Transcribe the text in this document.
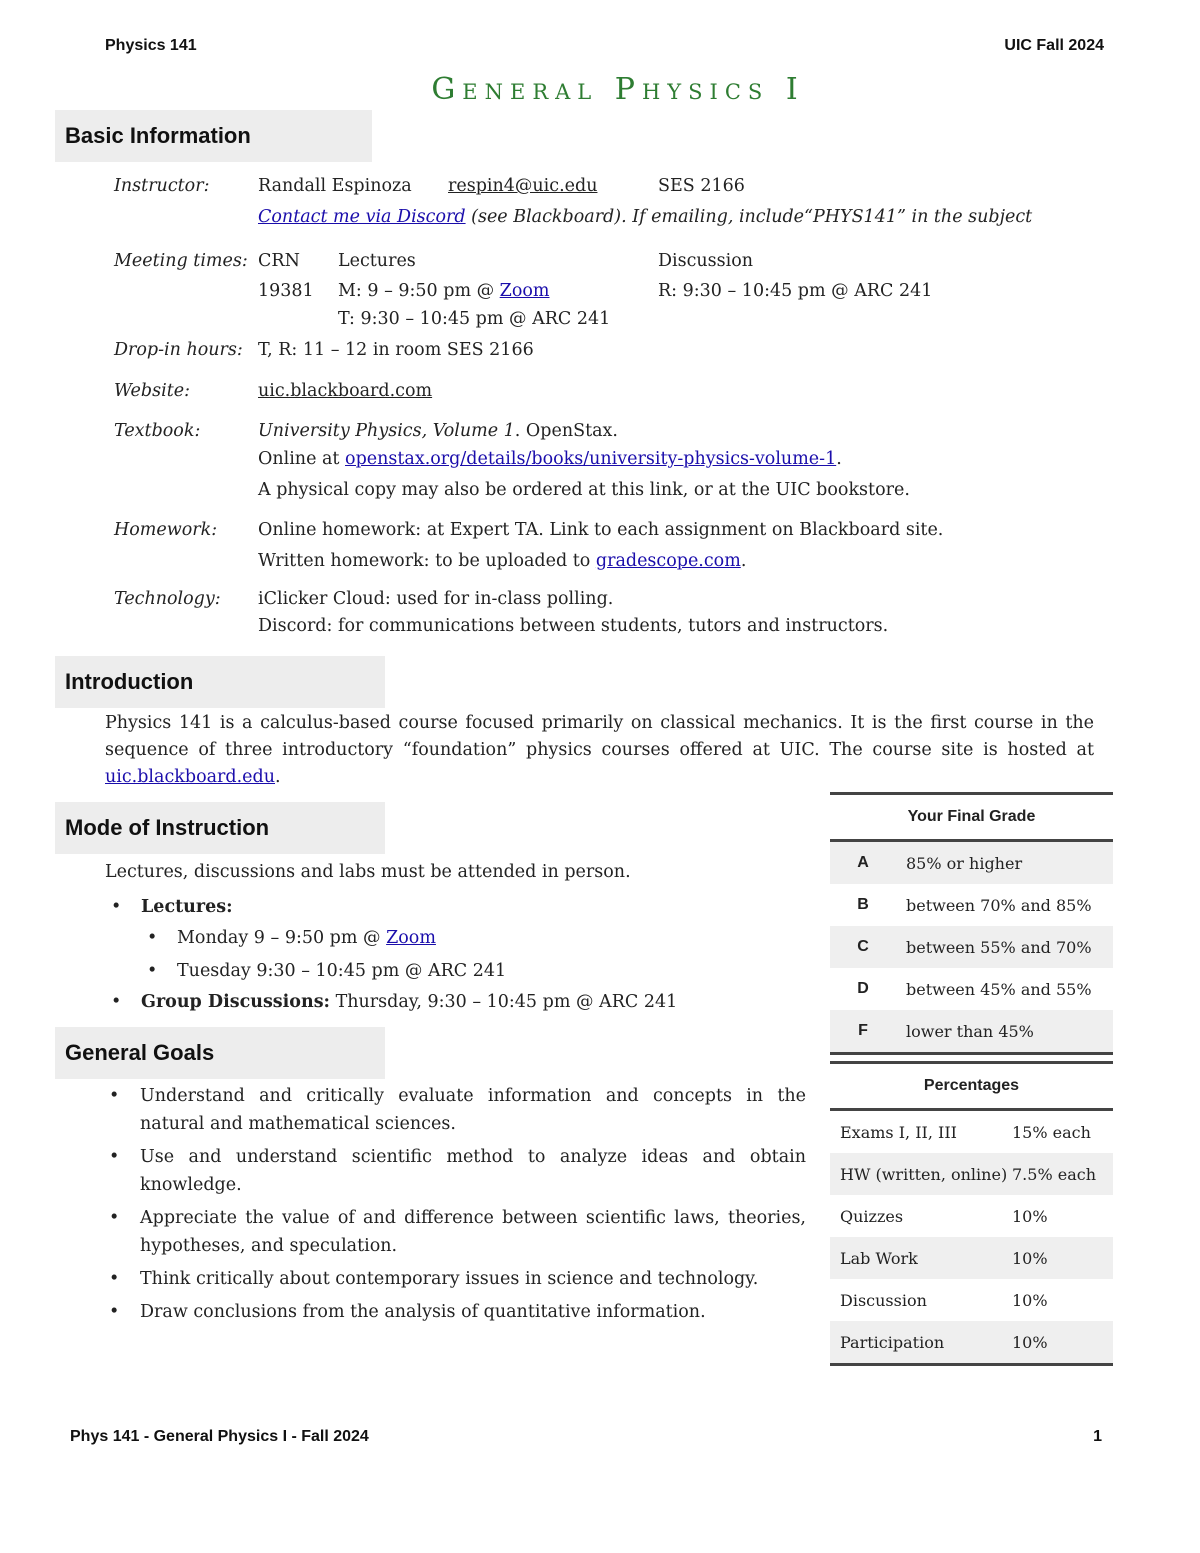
Physics 141	UIC Fall 2024
General Physics I
Basic Information
Instructor:	Randall Espinoza respin4@uic.edu	SES 2166
Contact me via Discord (see Blackboard). If emailing, include“PHYS141” in the subject
Meeting times: CRN Lectures	Discussion
19381 M: 9 – 9:50 pm @ Zoom	R: 9:30 – 10:45 pm @ ARC 241
T: 9:30 – 10:45 pm @ ARC 241
Drop-in hours: T, R: 11 – 12 in room SES 2166
Website:	uic.blackboard.com
Textbook:	University Physics, Volume 1. OpenStax.
Online at openstax.org/details/books/university-physics-volume-1.
A physical copy may also be ordered at this link, or at the UIC bookstore.
Homework: Online homework: at Expert TA. Link to each assignment on Blackboard site.
Written homework: to be uploaded to gradescope.com.
Technology: iClicker Cloud: used for in-class polling.
Discord: for communications between students, tutors and instructors.
Introduction
Physics 141 is a calculus-based course focused primarily on classical mechanics. It is the first course in the sequence of three introductory “foundation” physics courses offered at UIC. The course site is hosted at uic.blackboard.edu.
Mode of Instruction
Lectures, discussions and labs must be attended in person.
• Lectures:
• Monday 9 – 9:50 pm @ Zoom
• Tuesday 9:30 – 10:45 pm @ ARC 241
• Group Discussions: Thursday, 9:30 – 10:45 pm @ ARC 241
General Goals
• Understand and critically evaluate information and concepts in the natural and mathematical sciences.
• Use and understand scientific method to analyze ideas and obtain knowledge.
• Appreciate the value of and difference between scientific laws, theories, hypotheses, and speculation.
• Think critically about contemporary issues in science and technology.
• Draw conclusions from the analysis of quantitative information.
Your Final Grade	
A	85% or higher
B	between 70% and 85%
C	between 55% and 70%
D	between 45% and 55%
F	lower than 45%
Percentages	
Exams I, II, III	15% each
HW (written, online)	7.5% each
Quizzes	10%
Lab Work	10%
Discussion	10%
Participation	10%
Phys 141 - General Physics I - Fall 2024	1
